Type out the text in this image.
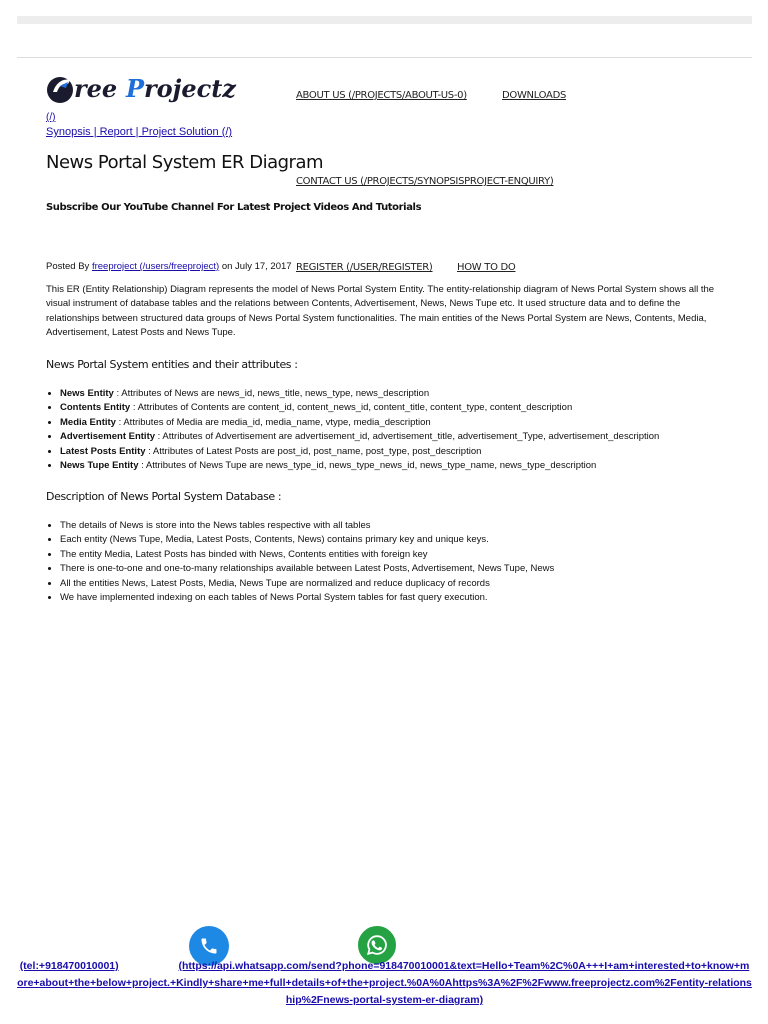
ree P rojectz	ABOUT US (/PROJECTS/ABOUT-US-0)	DOWNLOADS
CONTACT US (/PROJECTS/SYNOPSISPROJECT-ENQUIRY)
REGISTER (/USER/REGISTER) HOW TO DO
(/)
Synopsis | Report | Project Solution (/)
News Portal System ER Diagram
Subscribe Our YouTube Channel For Latest Project Videos And Tutorials
Posted By freeproject (/users/freeproject) on July 17, 2017

This ER (Entity Relationship) Diagram represents the model of News Portal System Entity. The entity-relationship diagram of News Portal System shows all the visual instrument of database tables and the relations between Contents, Advertisement, News, News Tupe etc. It used structure data and to define the relationships between structured data groups of News Portal System functionalities. The main entities of the News Portal System are News, Contents, Media, Advertisement, Latest Posts and News Tupe.

News Portal System entities and their attributes :
• News Entity : Attributes of News are news_id, news_title, news_type, news_description
• Contents Entity : Attributes of Contents are content_id, content_news_id, content_title, content_type, content_description
• Media Entity : Attributes of Media are media_id, media_name, vtype, media_description
• Advertisement Entity : Attributes of Advertisement are advertisement_id, advertisement_title, advertisement_Type, advertisement_description
• Latest Posts Entity : Attributes of Latest Posts are post_id, post_name, post_type, post_description
• News Tupe Entity : Attributes of News Tupe are news_type_id, news_type_news_id, news_type_name, news_type_description
Description of News Portal System Database :
• The details of News is store into the News tables respective with all tables
• Each entity (News Tupe, Media, Latest Posts, Contents, News) contains primary key and unique keys.
• The entity Media, Latest Posts has binded with News, Contents entities with foreign key
• There is one-to-one and one-to-many relationships available between Latest Posts, Advertisement, News Tupe, News
• All the entities News, Latest Posts, Media, News Tupe are normalized and reduce duplicacy of records
• We have implemented indexing on each tables of News Portal System tables for fast query execution.
(tel:+918470010001)	(https://api.whatsapp.com/send?phone=918470010001&text=Hello+Team%2C%0A+++I+am+interested+to+know+more+about+the+below+project.+Kindly+share+me+full+details+of+the+project.%0A%0Ahttps%3A%2F%2Fwww.freeprojectz.com%2Fentity-relationship%2Fnews-portal-system-er-diagram)
